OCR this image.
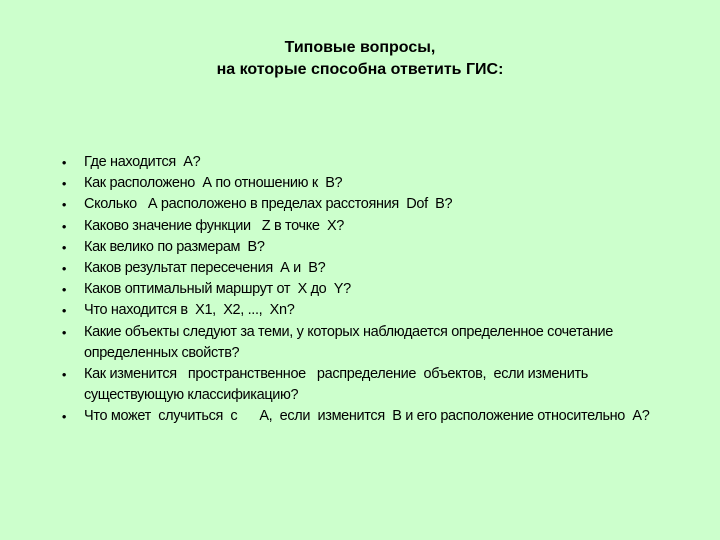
Типовые вопросы,
на которые способна ответить ГИС:
• Где находится  А?
• Как расположено  А по отношению к  В?
• Сколько   А расположено в пределах расстояния  Dоf  В?
• Каково значение функции   Z в точке  X?
• Как велико по размерам  В?
• Каков результат пересечения  А и  В?
• Каков оптимальный маршрут от  X до  Y?
• Что находится в  X1,  X2, ...,  Xn?
• Какие объекты следуют за теми, у которых наблюдается определенное сочетание определенных свойств?
• Как изменится   пространственное   распределение  объектов,  если изменить существующую классификацию?
• Что может  случиться  с      А,  если  изменится  В и его расположение относительно  А?
